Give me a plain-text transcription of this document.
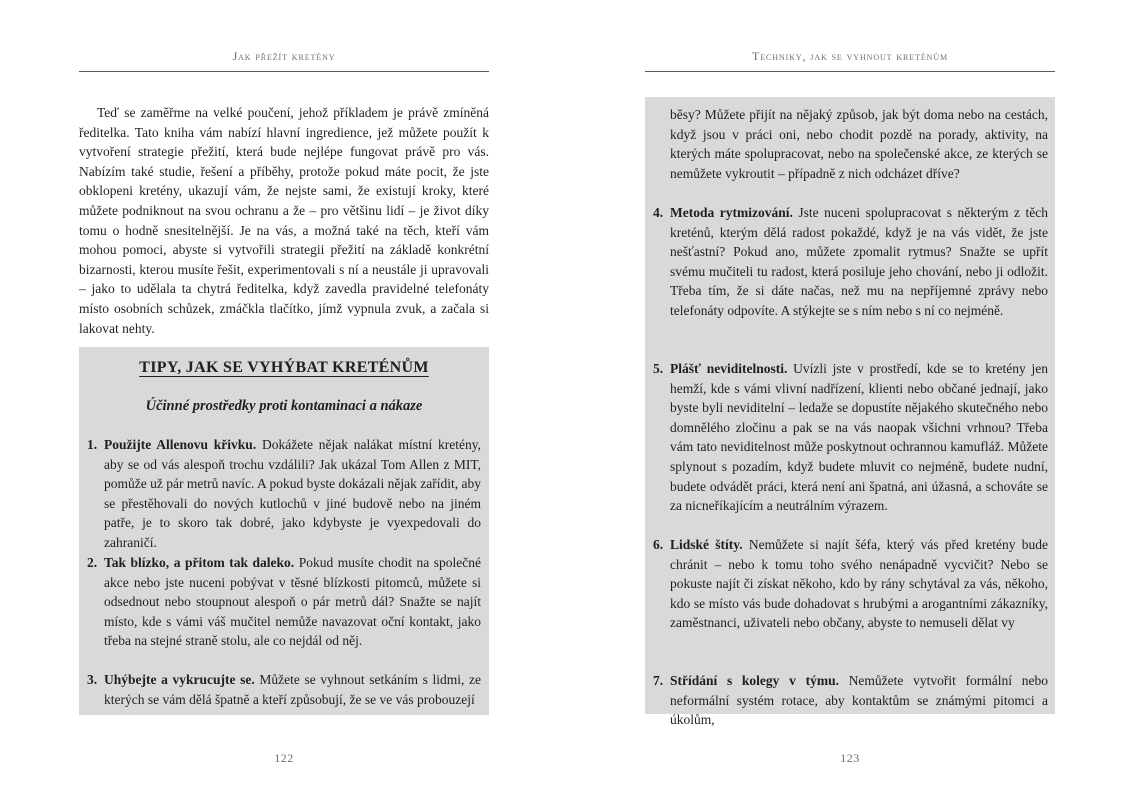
Jak přežít kretény

Teď se zaměřme na velké poučení, jehož příkladem je právě zmíněná ředitelka. Tato kniha vám nabízí hlavní ingredience, jež můžete použít k vytvoření strategie přežití, která bude nejlépe fungovat právě pro vás. Nabízím také studie, řešení a příběhy, protože pokud máte pocit, že jste obklopeni kretény, ukazují vám, že nejste sami, že existují kroky, které můžete podniknout na svou ochranu a že – pro většinu lidí – je život díky tomu o hodně snesitelnější. Je na vás, a možná také na těch, kteří vám mohou pomoci, abyste si vytvořili strategii přežití na základě konkrétní bizarnosti, kterou musíte řešit, experimentovali s ní a neustále ji upravovali – jako to udělala ta chytrá ředitelka, když zavedla pravidelné telefonáty místo osobních schůzek, zmáčkla tlačítko, jímž vypnula zvuk, a začala si lakovat nehty.

TIPY, JAK SE VYHÝBAT KRETÉNŮM
Účinné prostředky proti kontaminaci a nákaze
1. Použijte Allenovu křivku. Dokážete nějak nalákat místní kretény, aby se od vás alespoň trochu vzdálili? Jak ukázal Tom Allen z MIT, pomůže už pár metrů navíc. A pokud byste dokázali nějak zařídit, aby se přestěhovali do nových kutlochů v jiné budově nebo na jiném patře, je to skoro tak dobré, jako kdybyste je vyexpedovali do zahraničí.

2. Tak blízko, a přitom tak daleko. Pokud musíte chodit na společné akce nebo jste nuceni pobývat v těsné blízkosti pitomců, můžete si odsednout nebo stoupnout alespoň o pár metrů dál? Snažte se najít místo, kde s vámi váš mučitel nemůže navazovat oční kontakt, jako třeba na stejné straně stolu, ale co nejdál od něj.

3. Uhýbejte a vykrucujte se. Můžete se vyhnout setkáním s lidmi, ze kterých se vám dělá špatně a kteří způsobují, že se ve vás probouzejí

122
Techniky, jak se vyhnout kreténům

běsy? Můžete přijít na nějaký způsob, jak být doma nebo na cestách, když jsou v práci oni, nebo chodit pozdě na porady, aktivity, na kterých máte spolupracovat, nebo na společenské akce, ze kterých se nemůžete vykroutit – případně z nich odcházet dříve?

4. Metoda rytmizování. Jste nuceni spolupracovat s některým z těch kreténů, kterým dělá radost pokaždé, když je na vás vidět, že jste nešťastní? Pokud ano, můžete zpomalit rytmus? Snažte se upřít svému mučiteli tu radost, která posiluje jeho chování, nebo ji odložit. Třeba tím, že si dáte načas, než mu na nepříjemné zprávy nebo telefonáty odpovíte. A stýkejte se s ním nebo s ní co nejméně.

5. Plášť neviditelnosti. Uvízli jste v prostředí, kde se to kretény jen hemží, kde s vámi vlivní nadřízení, klienti nebo občané jednají, jako byste byli neviditelní – ledaže se dopustíte nějakého skutečného nebo domnělého zločinu a pak se na vás naopak všichni vrhnou? Třeba vám tato neviditelnost může poskytnout ochrannou kamufláž. Můžete splynout s pozadím, když budete mluvit co nejméně, budete nudní, budete odvádět práci, která není ani špatná, ani úžasná, a schováte se za nicneříkajícím a neutrálním výrazem.

6. Lidské štíty. Nemůžete si najít šéfa, který vás před kretény bude chránit – nebo k tomu toho svého nenápadně vycvičit? Nebo se pokuste najít či získat někoho, kdo by rány schytával za vás, někoho, kdo se místo vás bude dohadovat s hrubými a arogantními zákazníky, zaměstnanci, uživateli nebo občany, abyste to nemuseli dělat vy

7. Střídání s kolegy v týmu. Nemůžete vytvořit formální nebo neformální systém rotace, aby kontaktům se známými pitomci a úkolům,

123
